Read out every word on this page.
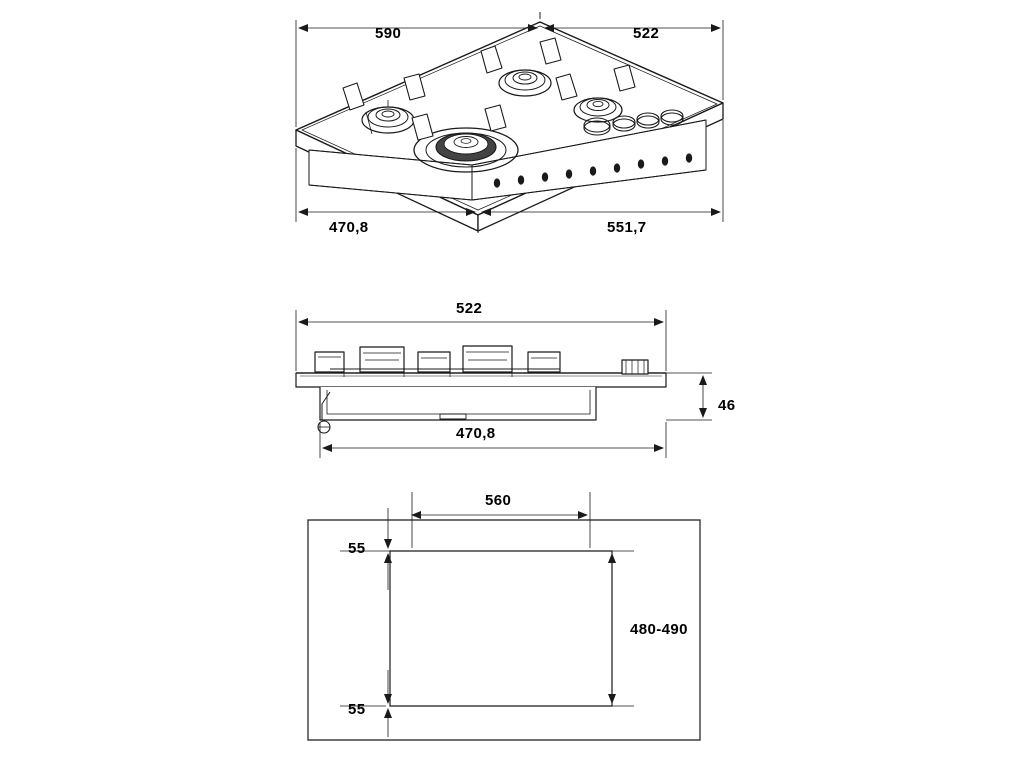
590	522
470,8	551,7
522
46
470,8
560
55
480-490
55
